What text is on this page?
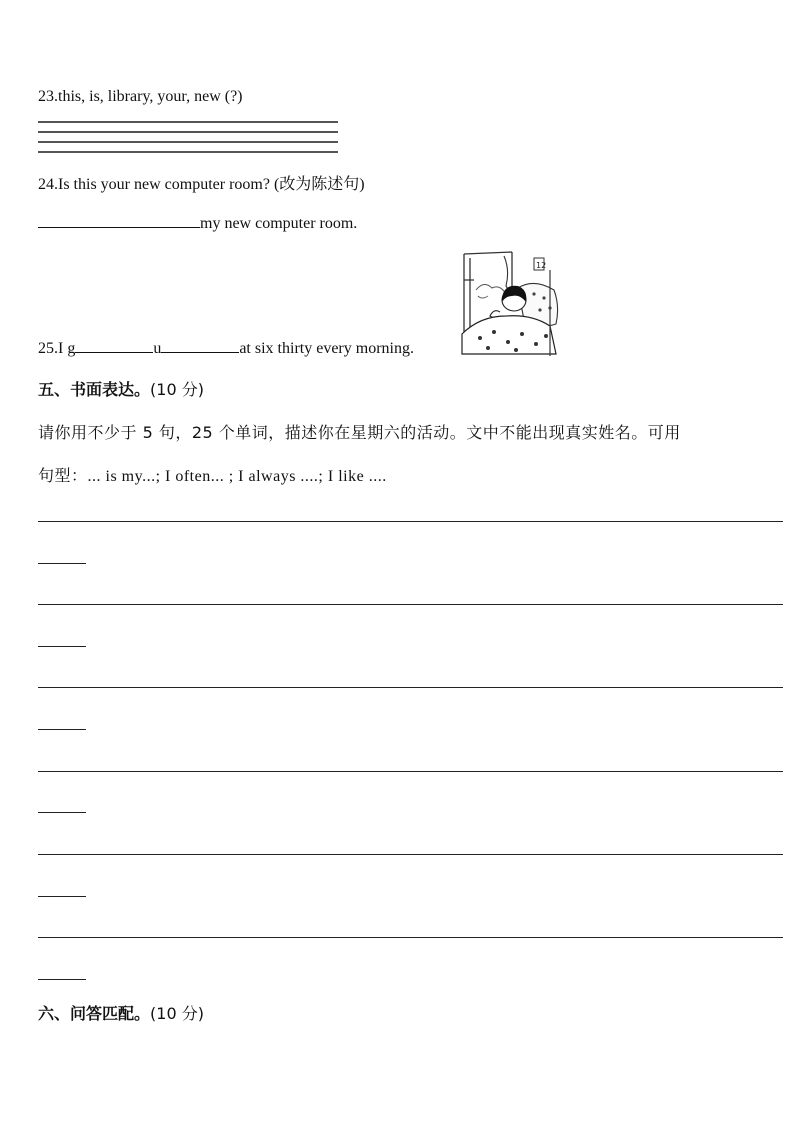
23.this, is, library, your, new (?)
24.Is this your new computer room? (改为陈述句)
my new computer room.
25.I g	u	at six thirty every morning.
12
五、书面表达。(10 分)
请你用不少于 5 句，25 个单词，描述你在星期六的活动。文中不能出现真实姓名。可用
句型：... is my...; I often... ; I always ....; I like ....
六、问答匹配。(10 分)
